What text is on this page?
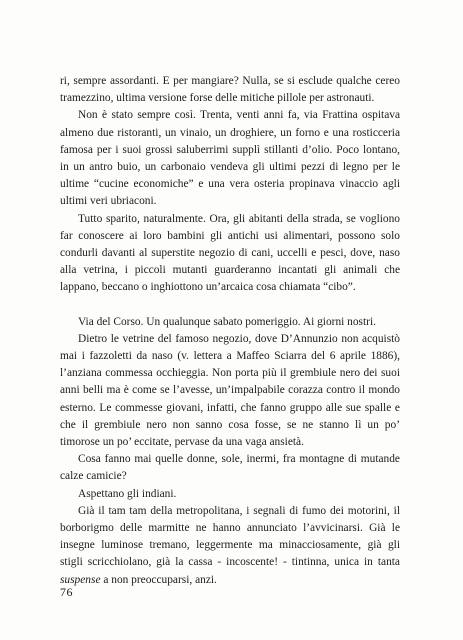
ri, sempre assordanti. E per mangiare? Nulla, se si esclude qualche cereo tramezzino, ultima versione forse delle mitiche pillole per astronauti.

Non è stato sempre così. Trenta, venti anni fa, via Frattina ospitava almeno due ristoranti, un vinaio, un droghiere, un forno e una rosticceria famosa per i suoi grossi saluberrimi supplì stillanti d’olio. Poco lontano, in un antro buio, un carbonaio vendeva gli ultimi pezzi di legno per le ultime “cucine economiche” e una vera osteria propinava vinaccio agli ultimi veri ubriaconi.

Tutto sparito, naturalmente. Ora, gli abitanti della strada, se vogliono far conoscere ai loro bambini gli antichi usi alimentari, possono solo condurli davanti al superstite negozio di cani, uccelli e pesci, dove, naso alla vetrina, i piccoli mutanti guarderanno incantati gli animali che lappano, beccano o inghiottono un’arcaica cosa chiamata “cibo”.

Via del Corso. Un qualunque sabato pomeriggio. Ai giorni nostri.

Dietro le vetrine del famoso negozio, dove D’Annunzio non acquistò mai i fazzoletti da naso (v. lettera a Maffeo Sciarra del 6 aprile 1886), l’anziana commessa occhieggia. Non porta più il grembiule nero dei suoi anni belli ma è come se l’avesse, un’impalpabile corazza contro il mondo esterno. Le commesse giovani, infatti, che fanno gruppo alle sue spalle e che il grembiule nero non sanno cosa fosse, se ne stanno lì un po’ timorose un po’ eccitate, pervase da una vaga ansietà.

Cosa fanno mai quelle donne, sole, inermi, fra montagne di mutande calze camicie?

Aspettano gli indiani.

Già il tam tam della metropolitana, i segnali di fumo dei motorini, il borborigmo delle marmitte ne hanno annunciato l’avvicinarsi. Già le insegne luminose tremano, leggermente ma minacciosamente, già gli stigli scricchiolano, già la cassa - incoscente! - tintinna, unica in tanta suspense a non preoccuparsi, anzi.

76
